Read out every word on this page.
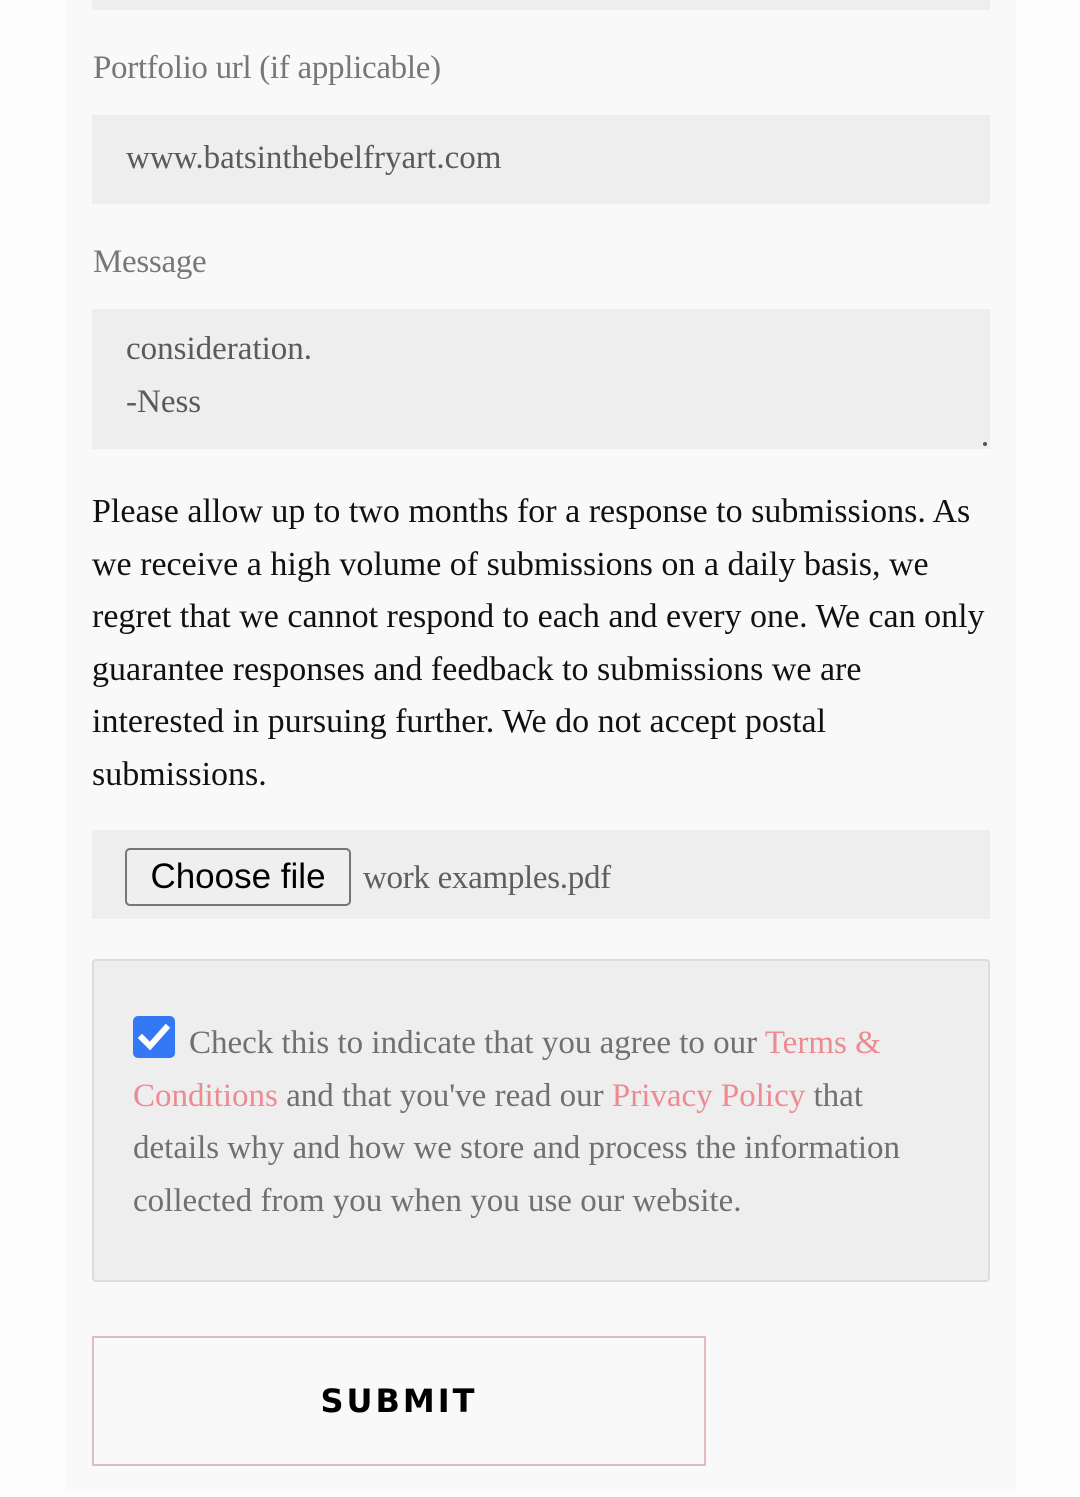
Portfolio url (if applicable)
www.batsinthebelfryart.com
Message
consideration.
-Ness

Please allow up to two months for a response to submissions. As we receive a high volume of submissions on a daily basis, we regret that we cannot respond to each and every one. We can only guarantee responses and feedback to submissions we are interested in pursuing further. We do not accept postal submissions.

Choose file	work examples.pdf

Check this to indicate that you agree to our Terms & Conditions and that you've read our Privacy Policy that details why and how we store and process the information collected from you when you use our website.

SUBMIT
